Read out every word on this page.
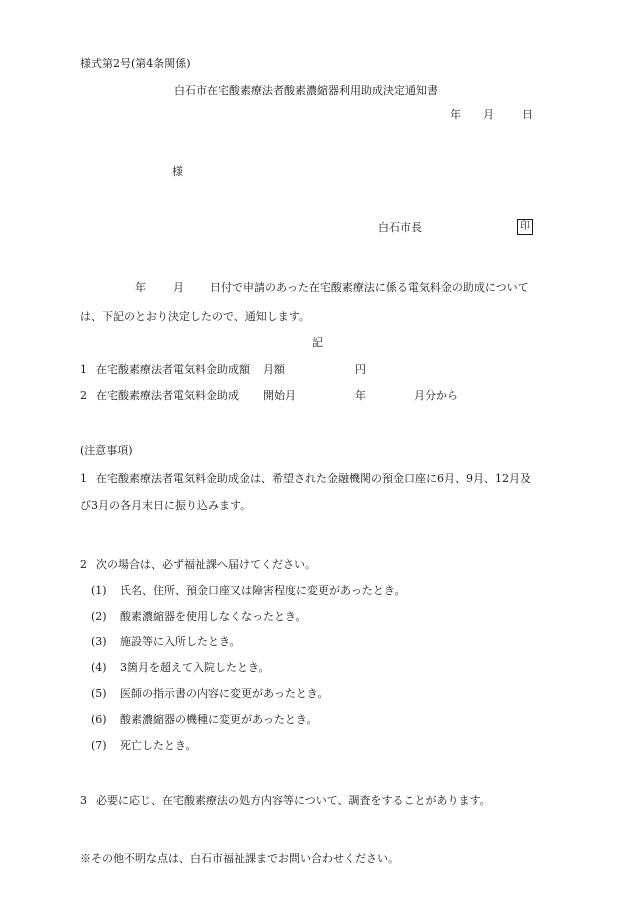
様式第2号(第4条関係)
白石市在宅酸素療法者酸素濃縮器利用助成決定通知書
年 月	日
様
白石市長	印
年 月 日付で申請のあった在宅酸素療法に係る電気料金の助成について
は、下記のとおり決定したので、通知します。
記
1 在宅酸素療法者電気料金助成額 月額	円
2 在宅酸素療法者電気料金助成 開始月	年	月分から
(注意事項)
1 在宅酸素療法者電気料金助成金は、希望された金融機関の預金口座に6月、9月、12月及
び3月の各月末日に振り込みます。
2 次の場合は、必ず福祉課へ届けてください。
(1) 氏名、住所、預金口座又は障害程度に変更があったとき。
(2) 酸素濃縮器を使用しなくなったとき。
(3) 施設等に入所したとき。
(4) 3箇月を超えて入院したとき。
(5) 医師の指示書の内容に変更があったとき。
(6) 酸素濃縮器の機種に変更があったとき。
(7) 死亡したとき。
3 必要に応じ、在宅酸素療法の処方内容等について、調査をすることがあります。
※その他不明な点は、白石市福祉課までお問い合わせください。
